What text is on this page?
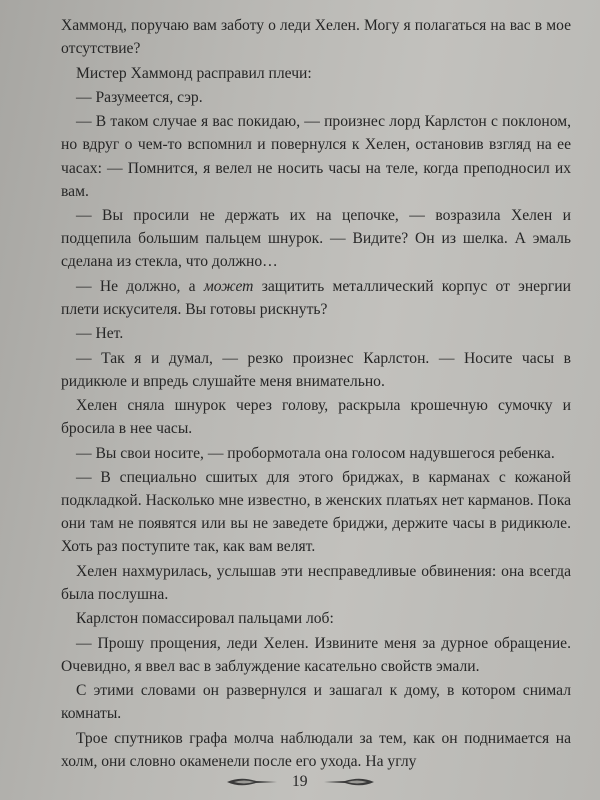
Хаммонд, поручаю вам заботу о леди Хелен. Могу я полагаться на вас в мое отсутствие?

Мистер Хаммонд расправил плечи:

— Разумеется, сэр.

— В таком случае я вас покидаю, — произнес лорд Карлстон с поклоном, но вдруг о чем-то вспомнил и повернулся к Хелен, остановив взгляд на ее часах: — Помнится, я велел не носить часы на теле, когда преподносил их вам.

— Вы просили не держать их на цепочке, — возразила Хелен и подцепила большим пальцем шнурок. — Видите? Он из шелка. А эмаль сделана из стекла, что должно…

— Не должно, а может защитить металлический корпус от энергии плети искусителя. Вы готовы рискнуть?

— Нет.

— Так я и думал, — резко произнес Карлстон. — Носите часы в ридикюле и впредь слушайте меня внимательно.

Хелен сняла шнурок через голову, раскрыла крошечную сумочку и бросила в нее часы.

— Вы свои носите, — пробормотала она голосом надувшегося ребенка.

— В специально сшитых для этого бриджах, в карманах с кожаной подкладкой. Насколько мне известно, в женских платьях нет карманов. Пока они там не появятся или вы не заведете бриджи, держите часы в ридикюле. Хоть раз поступите так, как вам велят.

Хелен нахмурилась, услышав эти несправедливые обвинения: она всегда была послушна.

Карлстон помассировал пальцами лоб:

— Прошу прощения, леди Хелен. Извините меня за дурное обращение. Очевидно, я ввел вас в заблуждение касательно свойств эмали.

С этими словами он развернулся и зашагал к дому, в котором снимал комнаты.

Трое спутников графа молча наблюдали за тем, как он поднимается на холм, они словно окаменели после его ухода. На углу

19
